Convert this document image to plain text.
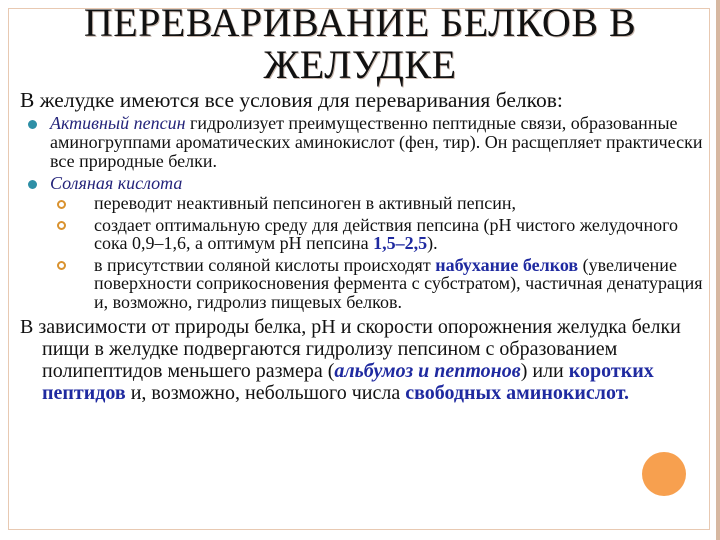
ПЕРЕВАРИВАНИЕ БЕЛКОВ В ЖЕЛУДКЕ

В желудке имеются все условия для переваривания белков:

Активный пепсин гидролизует преимущественно пептидные связи, образованные аминогруппами ароматических аминокислот (фен, тир). Он расщепляет практически все природные белки.
Соляная кислота
переводит неактивный пепсиноген в активный пепсин,
создает оптимальную среду для действия пепсина (рН чистого желудочного сока 0,9–1,6, а оптимум рН пепсина 1,5–2,5).
в присутствии соляной кислоты происходят набухание белков (увеличение поверхности соприкосновения фермента с субстратом), частичная денатурация и, возможно, гидролиз пищевых белков.

В зависимости от природы белка, рН и скорости опорожнения желудка белки пищи в желудке подвергаются гидролизу пепсином с образованием полипептидов меньшего размера (альбумоз и пептонов) или коротких пептидов и, возможно, небольшого числа свободных аминокислот.
